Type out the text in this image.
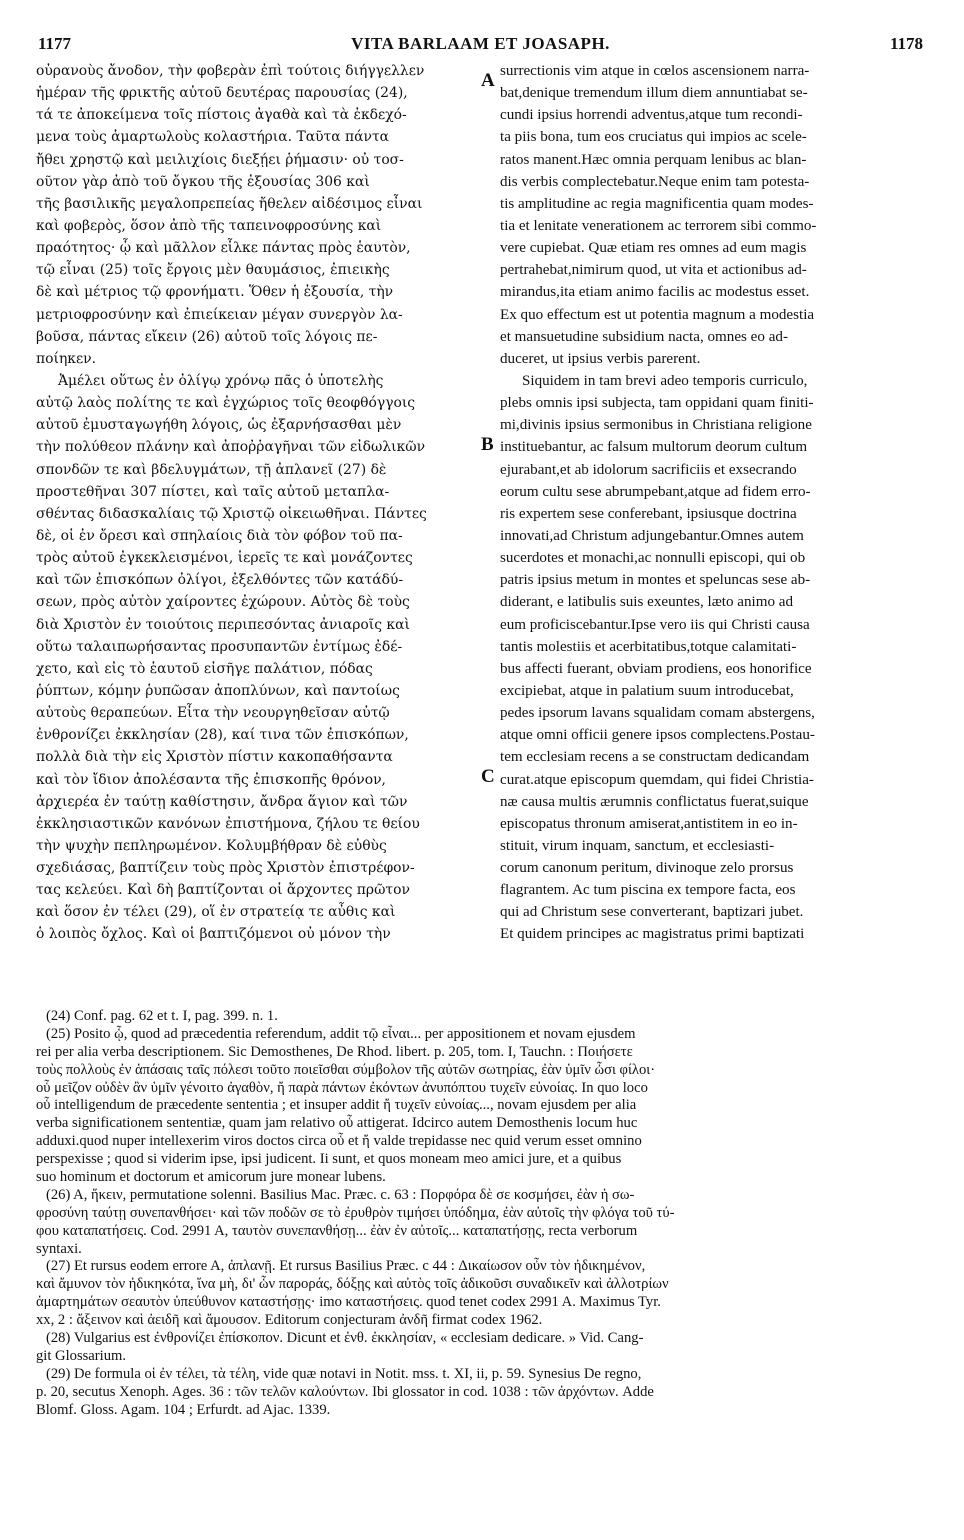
1177	VITA BARLAAM ET JOASAPH.	1178
οὐρανοὺς ἄνοδον, τὴν φοβερὰν ἐπὶ τούτοις διήγγελλεν
ἡμέραν τῆς φρικτῆς αὐτοῦ δευτέρας παρουσίας (24),
τά τε ἀποκείμενα τοῖς πίστοις ἀγαθὰ καὶ τὰ ἐκδεχό-
μενα τοὺς ἁμαρτωλοὺς κολαστήρια. Ταῦτα πάντα
ἤθει χρηστῷ καὶ μειλιχίοις διεξῄει ῥήμασιν· οὐ τοσ-
οῦτον γὰρ ἀπὸ τοῦ ὄγκου τῆς ἐξουσίας 306 καὶ
τῆς βασιλικῆς μεγαλοπρεπείας ἤθελεν αἰδέσιμος εἶναι
καὶ φοβερὸς, ὅσον ἀπὸ τῆς ταπεινοφροσύνης καὶ
πραότητος· ᾧ καὶ μᾶλλον εἷλκε πάντας πρὸς ἑαυτὸν,
τῷ εἶναι (25) τοῖς ἔργοις μὲν θαυμάσιος, ἐπιεικὴς
δὲ καὶ μέτριος τῷ φρονήματι. Ὅθεν ἡ ἐξουσία, τὴν
μετριοφροσύνην καὶ ἐπιείκειαν μέγαν συνεργὸν λα-
βοῦσα, πάντας εἴκειν (26) αὐτοῦ τοῖς λόγοις πε-
ποίηκεν.
Ἀμέλει οὕτως ἐν ὀλίγῳ χρόνῳ πᾶς ὁ ὑποτελὴς
αὐτῷ λαὸς πολίτης τε καὶ ἐγχώριος τοῖς θεοφθόγγοις
αὐτοῦ ἐμυσταγωγήθη λόγοις, ὡς ἐξαρνήσασθαι μὲν
τὴν πολύθεον πλάνην καὶ ἀποῤῥαγῆναι τῶν εἰδωλικῶν
σπονδῶν τε καὶ βδελυγμάτων, τῇ ἀπλανεῖ (27) δὲ
προστεθῆναι 307 πίστει, καὶ ταῖς αὐτοῦ μεταπλα-
σθέντας διδασκαλίαις τῷ Χριστῷ οἰκειωθῆναι. Πάντες
δὲ, οἱ ἐν ὄρεσι καὶ σπηλαίοις διὰ τὸν φόβον τοῦ πα-
τρὸς αὐτοῦ ἐγκεκλεισμένοι, ἱερεῖς τε καὶ μονάζοντες
καὶ τῶν ἐπισκόπων ὀλίγοι, ἐξελθόντες τῶν κατάδύ-
σεων, πρὸς αὐτὸν χαίροντες ἐχώρουν. Αὐτὸς δὲ τοὺς
διὰ Χριστὸν ἐν τοιούτοις περιπεσόντας ἀνιαροῖς καὶ
οὕτω ταλαιπωρήσαντας προσυπαντῶν ἐντίμως ἐδέ-
χετο, καὶ εἰς τὸ ἑαυτοῦ εἰσῆγε παλάτιον, πόδας
ῥύπτων, κόμην ῥυπῶσαν ἀποπλύνων, καὶ παντοίως
αὐτοὺς θεραπεύων. Εἶτα τὴν νεουργηθεῖσαν αὐτῷ
ἐνθρονίζει ἐκκλησίαν (28), καί τινα τῶν ἐπισκόπων,
πολλὰ διὰ τὴν εἰς Χριστὸν πίστιν κακοπαθήσαντα
καὶ τὸν ἴδιον ἀπολέσαντα τῆς ἐπισκοπῆς θρόνον,
ἀρχιερέα ἐν ταύτῃ καθίστησιν, ἄνδρα ἅγιον καὶ τῶν
ἐκκλησιαστικῶν κανόνων ἐπιστήμονα, ζήλου τε θείου
τὴν ψυχὴν πεπληρωμένον. Κολυμβήθραν δὲ εὐθὺς
σχεδιάσας, βαπτίζειν τοὺς πρὸς Χριστὸν ἐπιστρέφον-
τας κελεύει. Καὶ δὴ βαπτίζονται οἱ ἄρχοντες πρῶτον
καὶ ὅσον ἐν τέλει (29), οἵ ἐν στρατείᾳ τε αὖθις καὶ
ὁ λοιπὸς ὄχλος. Καὶ οἱ βαπτιζόμενοι οὐ μόνον τὴν
surrectionis vim atque in cœlos ascensionem narra-
bat,denique tremendum illum diem annuntiabat se-
cundi ipsius horrendi adventus,atque tum recondi-
ta piis bona, tum eos cruciatus qui impios ac scele-
ratos manent.Hæc omnia perquam lenibus ac blan-
dis verbis complectebatur.Neque enim tam potesta-
tis amplitudine ac regia magnificentia quam modes-
tia et lenitate venerationem ac terrorem sibi commo-
vere cupiebat. Quæ etiam res omnes ad eum magis
pertrahebat,nimirum quod, ut vita et actionibus ad-
mirandus,ita etiam animo facilis ac modestus esset.
Ex quo effectum est ut potentia magnum a modestia
et mansuetudine subsidium nacta, omnes eo ad-
duceret, ut ipsius verbis parerent.
Siquidem in tam brevi adeo temporis curriculo,
plebs omnis ipsi subjecta, tam oppidani quam finiti-
mi,divinis ipsius sermonibus in Christiana religione
instituebantur, ac falsum multorum deorum cultum
ejurabant,et ab idolorum sacrificiis et exsecrando
eorum cultu sese abrumpebant,atque ad fidem erro-
ris expertem sese conferebant, ipsiusque doctrina
innovati,ad Christum adjungebantur.Omnes autem
sucerdotes et monachi,ac nonnulli episcopi, qui ob
patris ipsius metum in montes et speluncas sese ab-
diderant, e latibulis suis exeuntes, læto animo ad
eum proficiscebantur.Ipse vero iis qui Christi causa
tantis molestiis et acerbitatibus,totque calamitati-
bus affecti fuerant, obviam prodiens, eos honorifice
excipiebat, atque in palatium suum introducebat,
pedes ipsorum lavans squalidam comam abstergens,
atque omni officii genere ipsos complectens.Postau-
tem ecclesiam recens a se constructam dedicandam
curat.atque episcopum quemdam, qui fidei Christia-
næ causa multis ærumnis conflictatus fuerat,suique
episcopatus thronum amiserat,antistitem in eo in-
stituit, virum inquam, sanctum, et ecclesiasti-
corum canonum peritum, divinoque zelo prorsus
flagrantem. Ac tum piscina ex tempore facta, eos
qui ad Christum sese converterant, baptizari jubet.
Et quidem principes ac magistratus primi baptizati
A
B
C
(24) Conf. pag. 62 et t. I, pag. 399. n. 1.
(25) Posito ᾧ, quod ad præcedentia referendum, addit τῷ εἶναι... per appositionem et novam ejusdem
rei per alia verba descriptionem. Sic Demosthenes, De Rhod. libert. p. 205, tom. I, Tauchn. : Ποιήσετε
τοὺς πολλοὺς ἐν ἁπάσαις ταῖς πόλεσι τοῦτο ποιεῖσθαι σύμβολον τῆς αὐτῶν σωτηρίας, ἐὰν ὑμῖν ὦσι φίλοι·
οὗ μεῖζον οὐδὲν ἂν ὑμῖν γένοιτο ἀγαθὸν, ἤ παρὰ πάντων ἐκόντων ἀνυπόπτου τυχεῖν εὐνοίας. In quo loco
οὗ intelligendum de præcedente sententia ; et insuper addit ἤ τυχεῖν εὐνοίας..., novam ejusdem per alia
verba significationem sententiæ, quam jam relativo οὗ attigerat. Idcirco autem Demosthenis locum huc
adduxi.quod nuper intellexerim viros doctos circa οὗ et ἤ valde trepidasse nec quid verum esset omnino
perspexisse ; quod si viderim ipse, ipsi judicent. Ii sunt, et quos moneam meo amici jure, et a quibus
suo hominum et doctorum et amicorum jure monear lubens.
(26) A, ἥκειν, permutatione solenni. Basilius Mac. Præc. c. 63 : Πορφόρα δὲ σε κοσμήσει, ἐὰν ἡ σω-
φροσύνη ταύτῃ συνεπανθήσει· καὶ τῶν ποδῶν σε τὸ ἐρυθρὸν τιμήσει ὑπόδημα, ἐὰν αὐτοῖς τὴν φλόγα τοῦ τύ-
φου καταπατήσεις. Cod. 2991 A, ταυτὸν συνεπανθήσῃ... ἐὰν ἐν αὐτοῖς... καταπατήσῃς, recta verborum
syntaxi.
(27) Et rursus eodem errore A, ἀπλανῇ. Et rursus Basilius Præc. c 44 : Δικαίωσον οὖν τὸν ἠδικημένον,
καὶ ἄμυνον τὸν ἠδικηκότα, ἵνα μὴ, δι' ὧν παροράς, δόξῃς καὶ αὐτὸς τοῖς ἀδικοῦσι συναδικεῖν καὶ ἀλλοτρίων
ἁμαρτημάτων σεαυτὸν ὑπεύθυνον καταστήσῃς· imo καταστήσεις. quod tenet codex 2991 A. Maximus Tyr.
xx, 2 : ἄξεινον καὶ ἀειδῆ καὶ ἄμουσον. Editorum conjecturam ἀνδῆ firmat codex 1962.
(28) Vulgarius est ἐνθρονίζει ἐπίσκοπον. Dicunt et ἐνθ. ἐκκλησίαν, « ecclesiam dedicare. » Vid. Cang-
git Glossarium.
(29) De formula οἱ ἐν τέλει, τὰ τέλη, vide quæ notavi in Notit. mss. t. XI, ii, p. 59. Synesius De regno,
p. 20, secutus Xenoph. Ages. 36 : τῶν τελῶν καλούντων. Ibi glossator in cod. 1038 : τῶν ἀρχόντων. Adde
Blomf. Gloss. Agam. 104 ; Erfurdt. ad Ajac. 1339.
